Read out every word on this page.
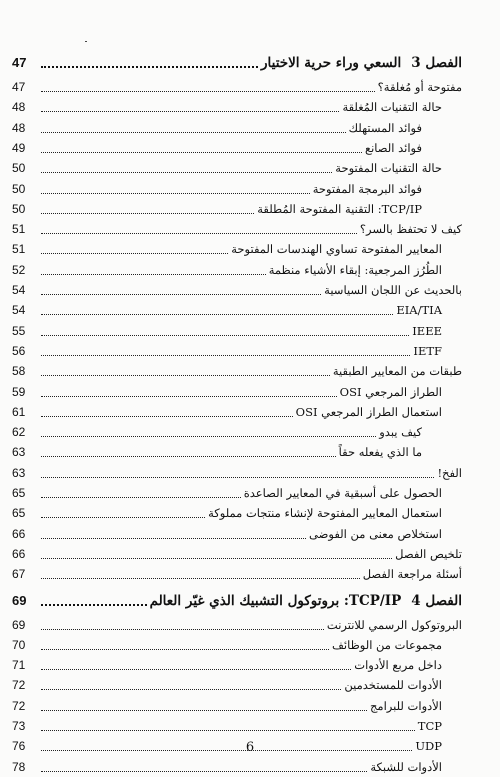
47	السعي وراء حرية الاختيار الفصل 3
47	مفتوحة أو مُغلقة؟
48	حالة التقنيات المُغلقة
48	فوائد المستهلك
49	فوائد الصانع
50	حالة التقنيات المفتوحة
50	فوائد البرمجة المفتوحة
50	TCP/IP: التقنية المفتوحة المُطلقة
51	كيف لا تحتفظ بالسر؟
51	المعايير المفتوحة تساوي الهندسات المفتوحة
52	الطُرُز المرجعية: إبقاء الأشياء منظمة
54	بالحديث عن اللجان السياسية
54	EIA/TIA
55	IEEE
56	IETF
58	طبقات من المعايير الطبقية
59	الطراز المرجعي OSI
61	استعمال الطراز المرجعي OSI
62	كيف يبدو
63	ما الذي يفعله حقاً
63	الفخ!
65	الحصول على أسبقية في المعايير الصاعدة
65	استعمال المعايير المفتوحة لإنشاء منتجات مملوكة
66	استخلاص معنى من الفوضى
66	تلخيص الفصل
67	أسئلة مراجعة الفصل
69	TCP/IP: بروتوكول التشبيك الذي غيّر العالم الفصل 4
69	البروتوكول الرسمي للانترنت
70	مجموعات من الوظائف
71	داخل مربع الأدوات
72	الأدوات للمستخدمين
72	الأدوات للبرامج
73	TCP
76	UDP
78	الأدوات للشبكة
6
